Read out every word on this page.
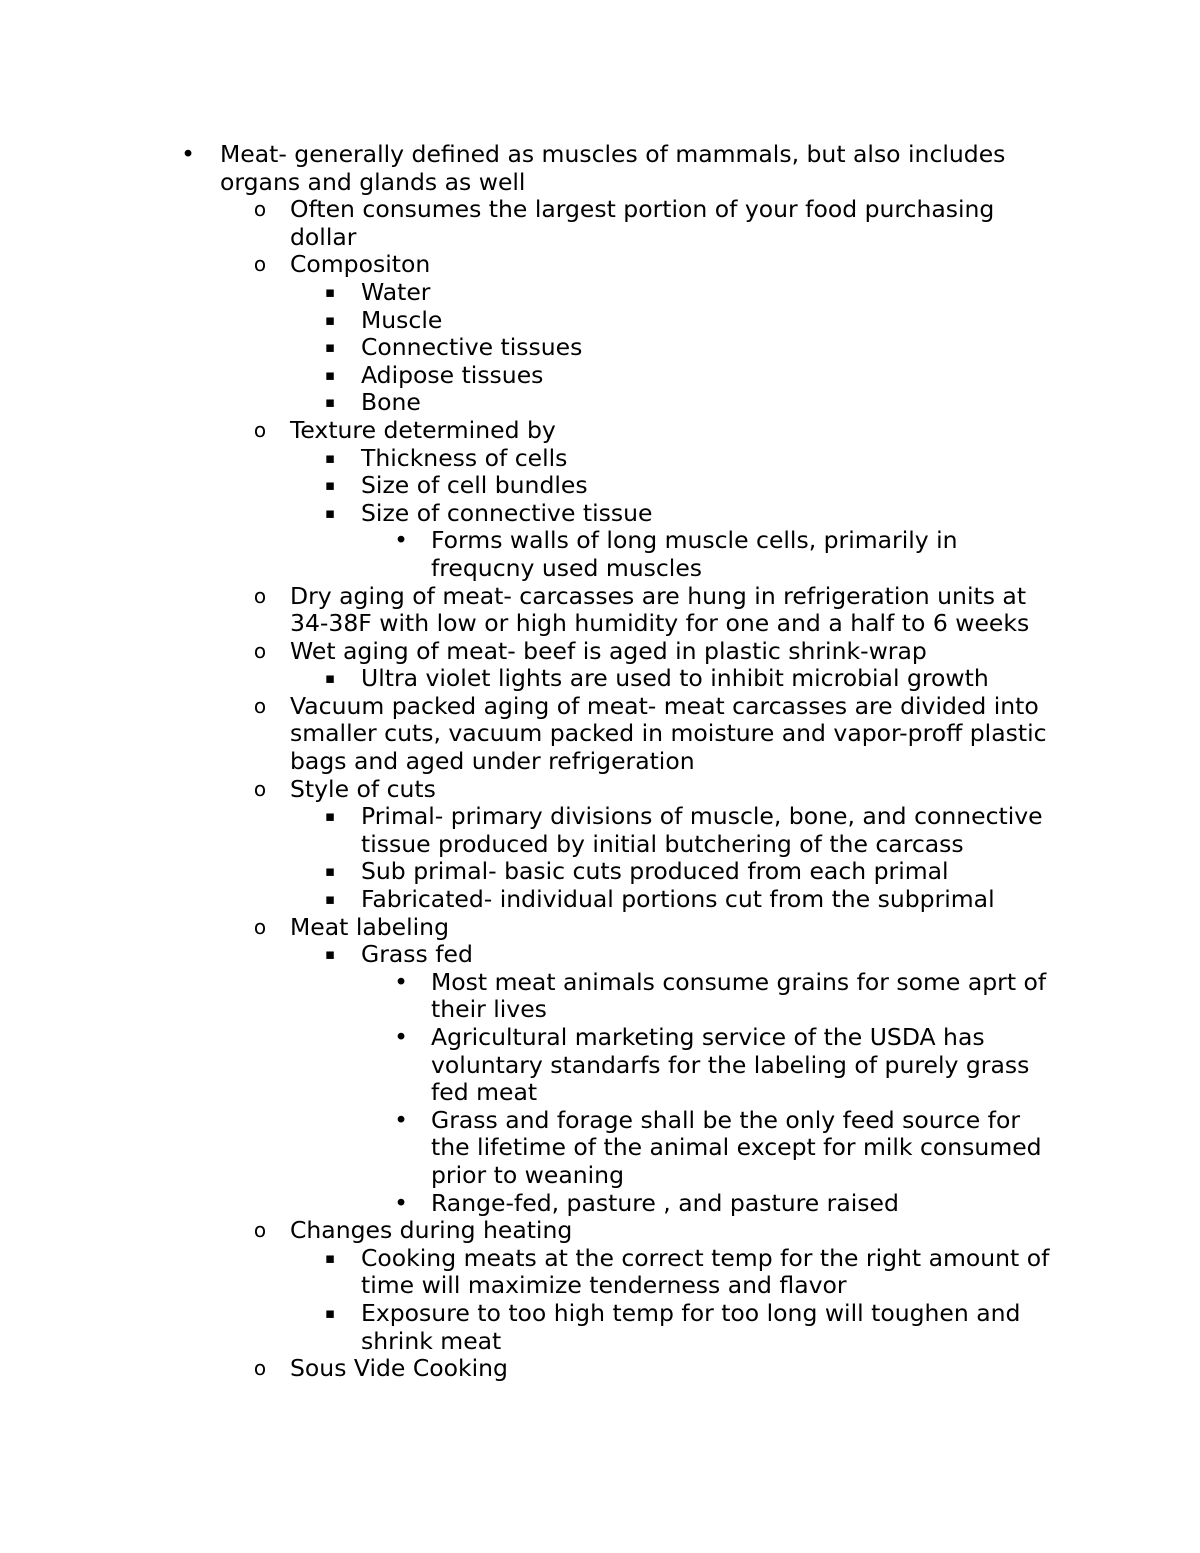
• Meat- generally defined as muscles of mammals, but also includes
organs and glands as well
o Often consumes the largest portion of your food purchasing
dollar
o Compositon
▪ Water
▪ Muscle
▪ Connective tissues
▪ Adipose tissues
▪ Bone
o Texture determined by
▪ Thickness of cells
▪ Size of cell bundles
▪ Size of connective tissue
• Forms walls of long muscle cells, primarily in
frequcny used muscles
o Dry aging of meat- carcasses are hung in refrigeration units at
34-38F with low or high humidity for one and a half to 6 weeks
o Wet aging of meat- beef is aged in plastic shrink-wrap
▪ Ultra violet lights are used to inhibit microbial growth
o Vacuum packed aging of meat- meat carcasses are divided into
smaller cuts, vacuum packed in moisture and vapor-proff plastic
bags and aged under refrigeration
o Style of cuts
▪ Primal- primary divisions of muscle, bone, and connective
tissue produced by initial butchering of the carcass
▪ Sub primal- basic cuts produced from each primal
▪ Fabricated- individual portions cut from the subprimal
o Meat labeling
▪ Grass fed
• Most meat animals consume grains for some aprt of
their lives
• Agricultural marketing service of the USDA has
voluntary standarfs for the labeling of purely grass
fed meat
• Grass and forage shall be the only feed source for
the lifetime of the animal except for milk consumed
prior to weaning
• Range-fed, pasture , and pasture raised
o Changes during heating
▪ Cooking meats at the correct temp for the right amount of
time will maximize tenderness and flavor
▪ Exposure to too high temp for too long will toughen and
shrink meat
o Sous Vide Cooking
